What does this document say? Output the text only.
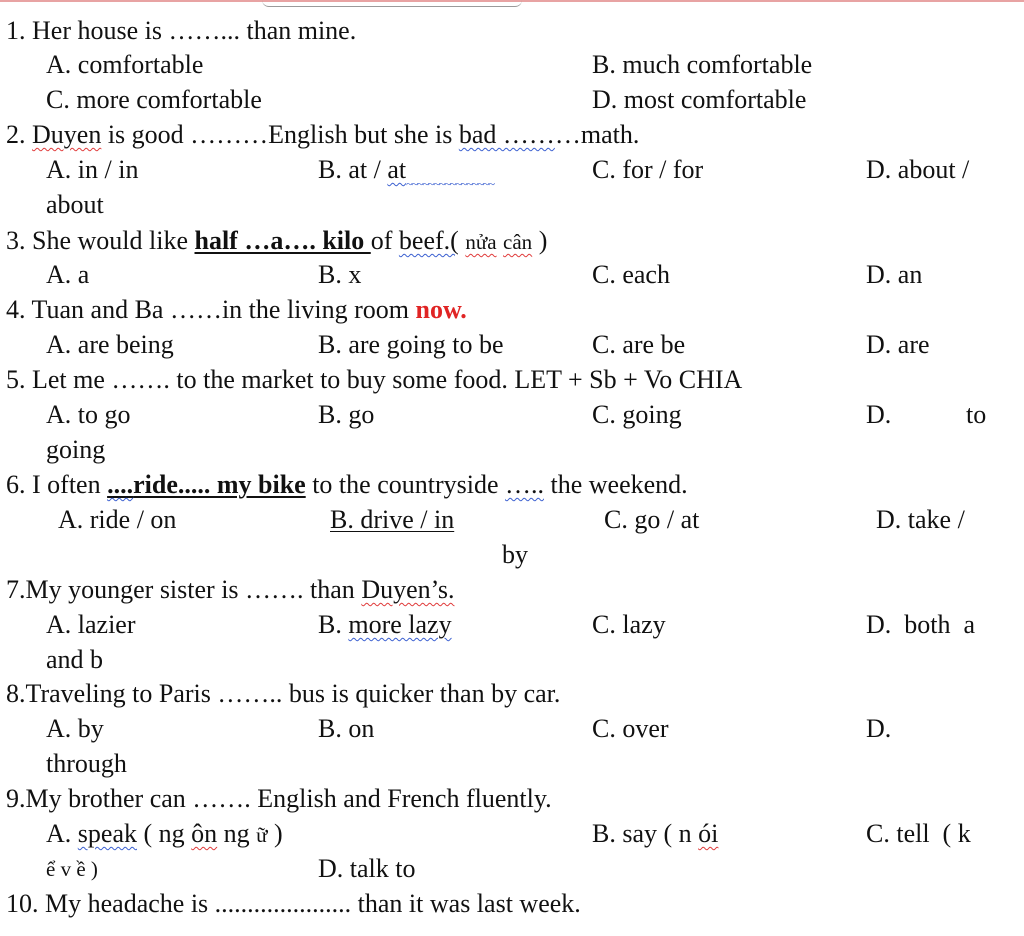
1. Her house is ……... than mine.
A. comfortable	B. much comfortable
C. more comfortable	D. most comfortable
2. Duyen is good ………English but she is bad ………math.
A. in / in	B. at / at~~~~~	C. for / for	D. about /
about
3. She would like half …a…. kilo of beef.( nửa cân )
A. a	B. x	C. each	D. an
4. Tuan and Ba ……in the living room now.
A. are being	B. are going to be	C. are be	D. are
5. Let me ……. to the market to buy some food. LET + Sb + Vo CHIA
A. to go	B. go	C. going	D.	to
going
6. I often ....ride..... my bike to the countryside ….. the weekend.
A. ride / on	B. drive / in	C. go / at	D. take /
by
7.My younger sister is ……. than Duyen’s.
A. lazier	B. more lazy	C. lazy	D.  both  a
and b
8.Traveling to Paris …….. bus is quicker than by car.
A. by	B. on	C. over	D.
through
9.My brother can ……. English and French fluently.
A. speak ( ng ôn ng ữ )	B. say ( n ói	C. tell  ( k
ể v ề )	D. talk to
10. My headache is ..................... than it was last week.
